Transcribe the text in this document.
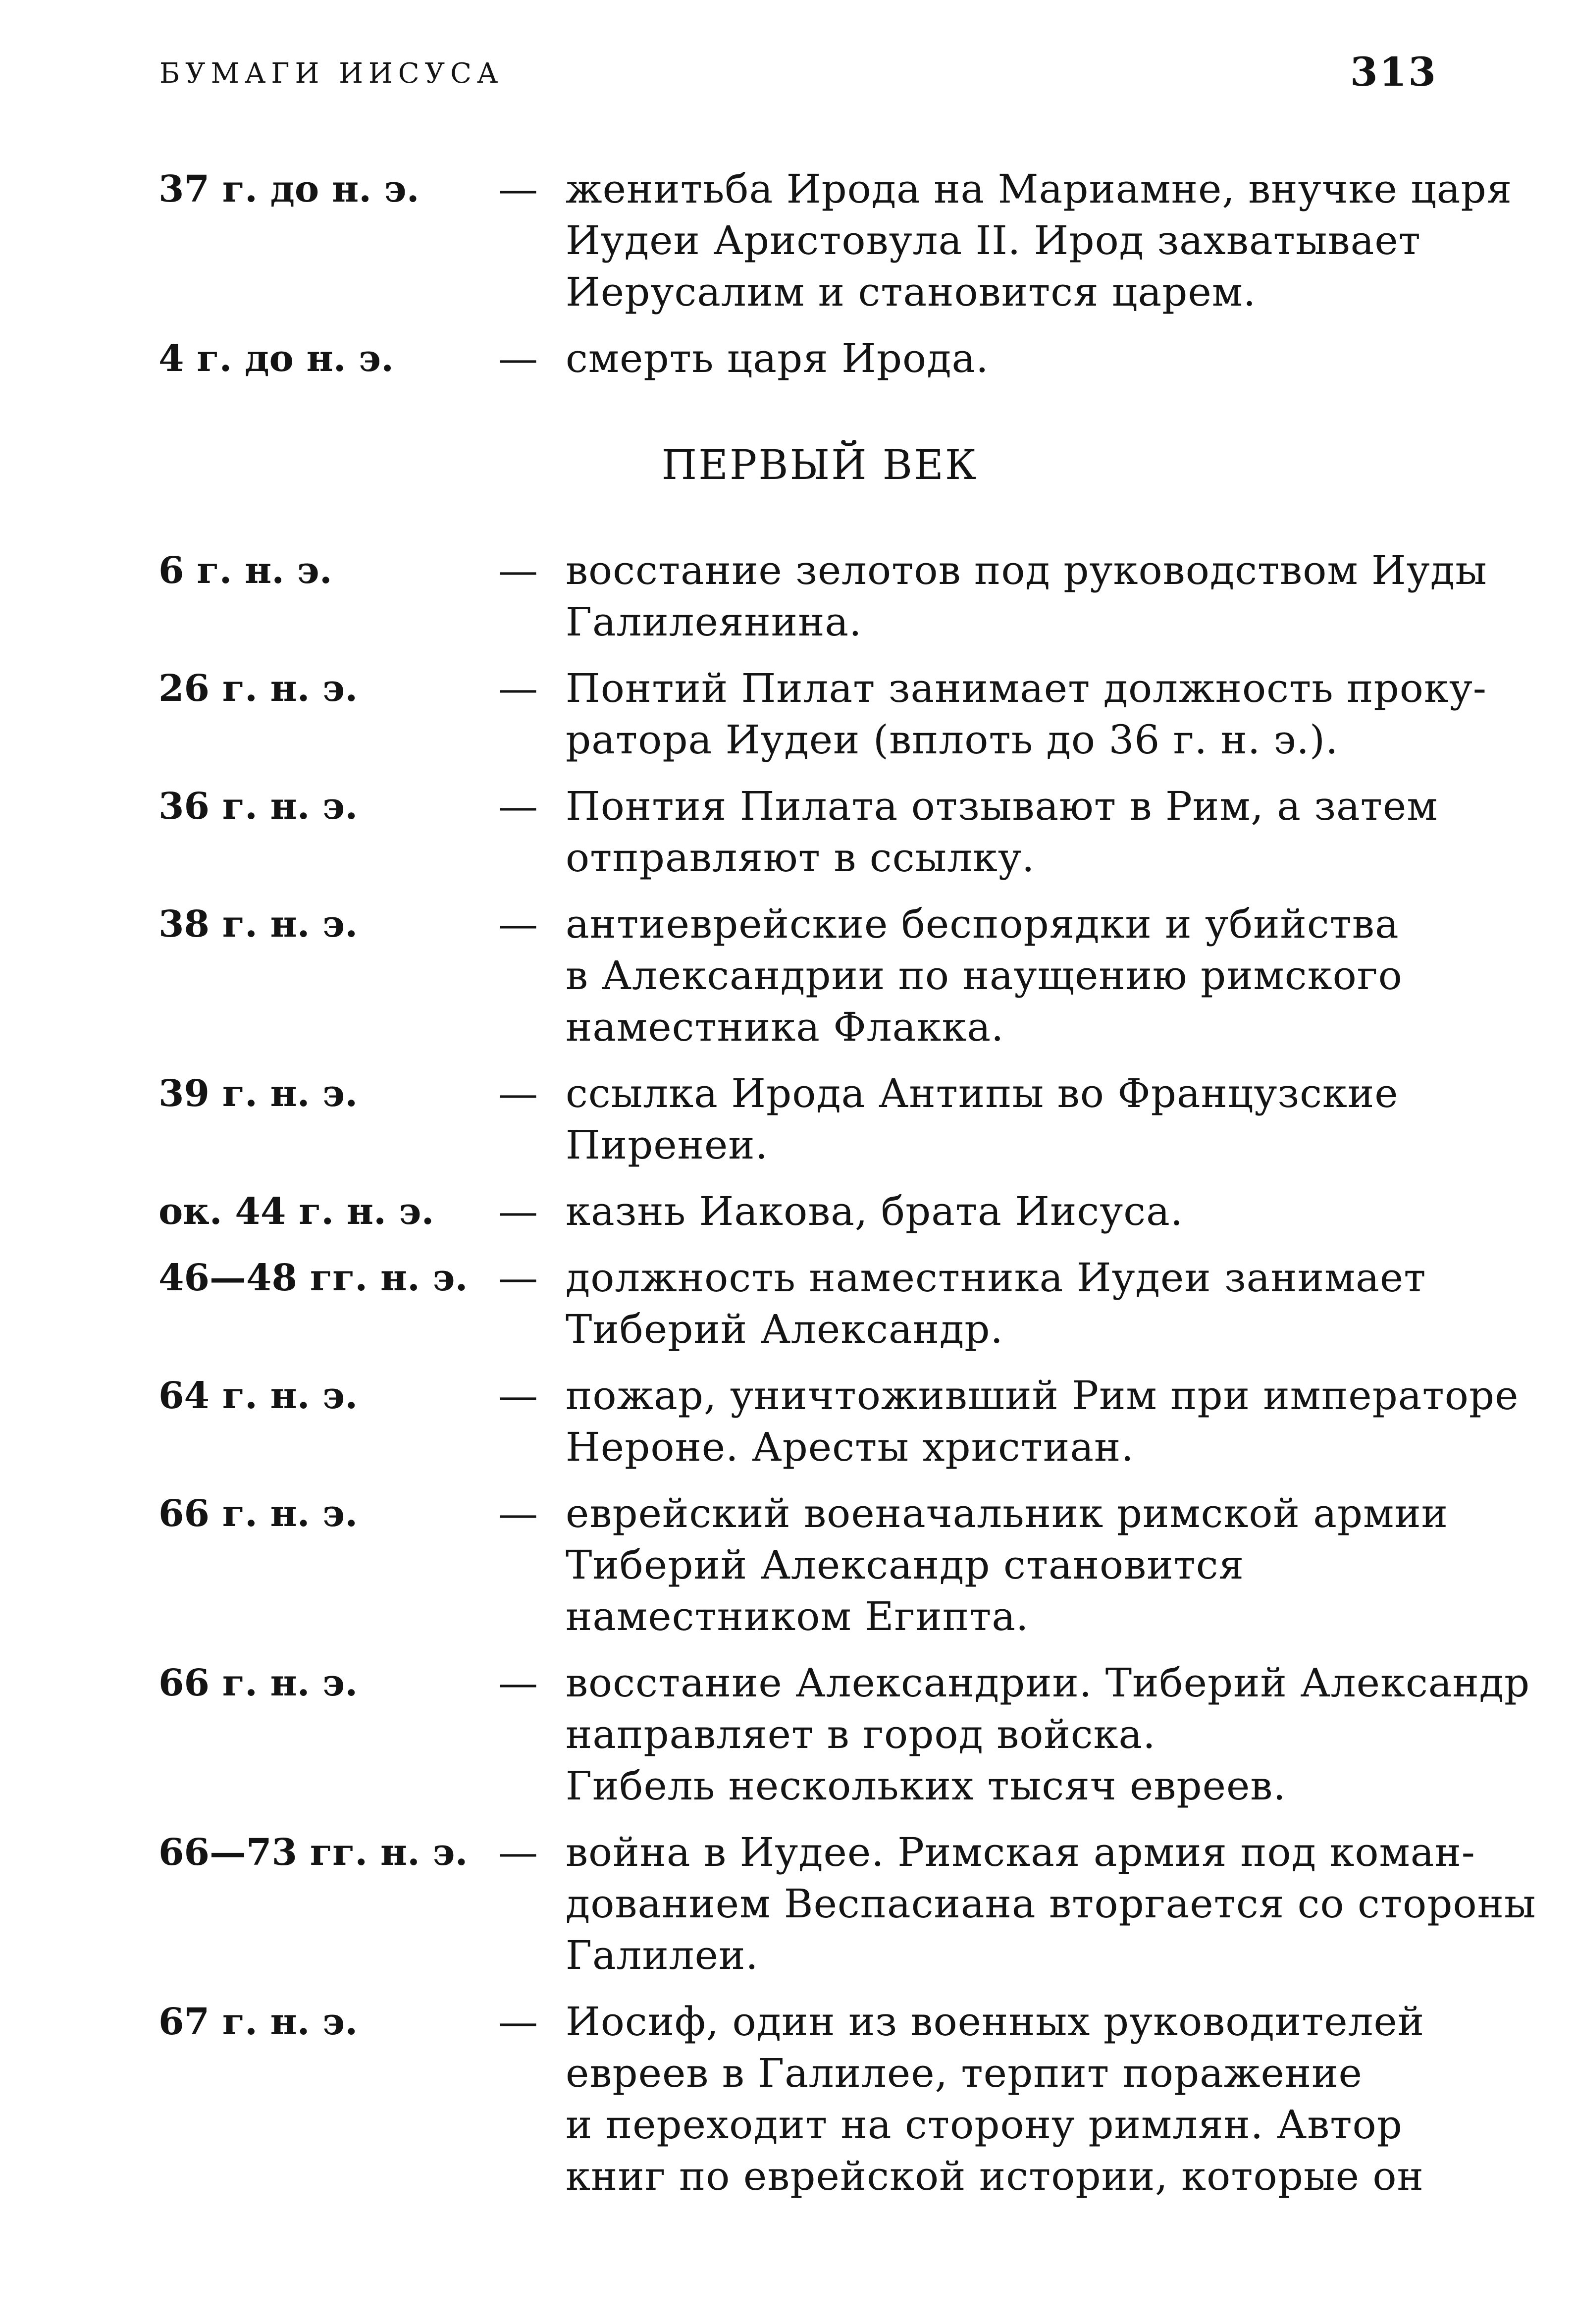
БУМАГИ ИИСУСА	313
37 г. до н. э.	— женитьба Ирода на Мариамне, внучке царя
Иудеи Аристовула II. Ирод захватывает
Иерусалим и становится царем.
4 г. до н. э.	— смерть царя Ирода.
ПЕРВЫЙ ВЕК
6 г. н. э.	— восстание зелотов под руководством Иуды
Галилеянина.
26 г. н. э.	— Понтий Пилат занимает должность проку-
ратора Иудеи (вплоть до 36 г. н. э.).
36 г. н. э.	— Понтия Пилата отзывают в Рим, а затем
отправляют в ссылку.
38 г. н. э.	— антиеврейские беспорядки и убийства
в Александрии по наущению римского
наместника Флакка.
39 г. н. э.	— ссылка Ирода Антипы во Французские
Пиренеи.
ок. 44 г. н. э.	— казнь Иакова, брата Иисуса.
46—48 гг. н. э. — должность наместника Иудеи занимает
Тиберий Александр.
64 г. н. э.	— пожар, уничтоживший Рим при императоре
Нероне. Аресты христиан.
66 г. н. э.	— еврейский военачальник римской армии
Тиберий Александр становится
наместником Египта.
66 г. н. э.	— восстание Александрии. Тиберий Александр
направляет в город войска.
Гибель нескольких тысяч евреев.
66—73 гг. н. э. — война в Иудее. Римская армия под коман-
дованием Веспасиана вторгается со стороны
Галилеи.
67 г. н. э.	— Иосиф, один из военных руководителей
евреев в Галилее, терпит поражение
и переходит на сторону римлян. Автор
книг по еврейской истории, которые он
